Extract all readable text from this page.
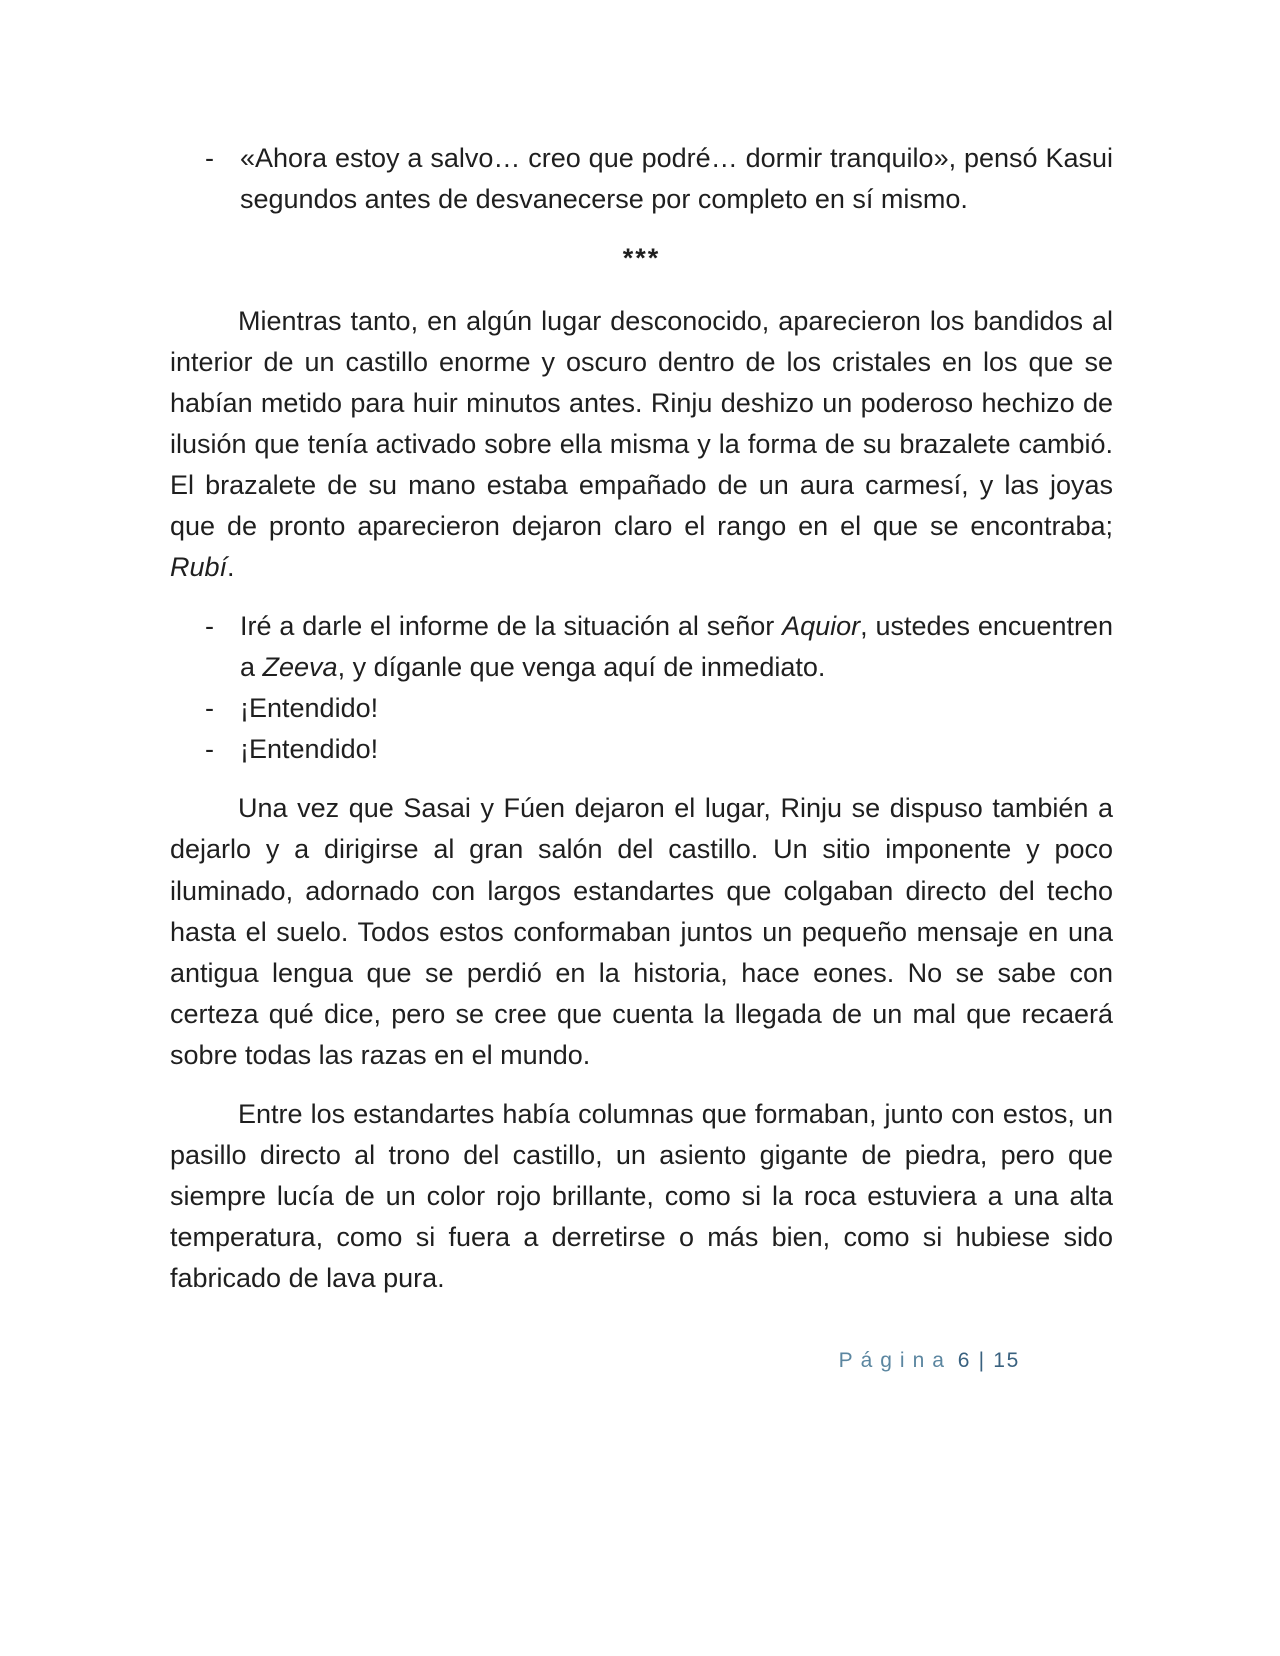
- «Ahora estoy a salvo… creo que podré… dormir tranquilo», pensó Kasui segundos antes de desvanecerse por completo en sí mismo.
***

Mientras tanto, en algún lugar desconocido, aparecieron los bandidos al interior de un castillo enorme y oscuro dentro de los cristales en los que se habían metido para huir minutos antes. Rinju deshizo un poderoso hechizo de ilusión que tenía activado sobre ella misma y la forma de su brazalete cambió. El brazalete de su mano estaba empañado de un aura carmesí, y las joyas que de pronto aparecieron dejaron claro el rango en el que se encontraba; Rubí.

- Iré a darle el informe de la situación al señor Aquior, ustedes encuentren a Zeeva, y díganle que venga aquí de inmediato.
- ¡Entendido!
- ¡Entendido!

Una vez que Sasai y Fúen dejaron el lugar, Rinju se dispuso también a dejarlo y a dirigirse al gran salón del castillo. Un sitio imponente y poco iluminado, adornado con largos estandartes que colgaban directo del techo hasta el suelo. Todos estos conformaban juntos un pequeño mensaje en una antigua lengua que se perdió en la historia, hace eones. No se sabe con certeza qué dice, pero se cree que cuenta la llegada de un mal que recaerá sobre todas las razas en el mundo.

Entre los estandartes había columnas que formaban, junto con estos, un pasillo directo al trono del castillo, un asiento gigante de piedra, pero que siempre lucía de un color rojo brillante, como si la roca estuviera a una alta temperatura, como si fuera a derretirse o más bien, como si hubiese sido fabricado de lava pura.

Página 6 | 15
